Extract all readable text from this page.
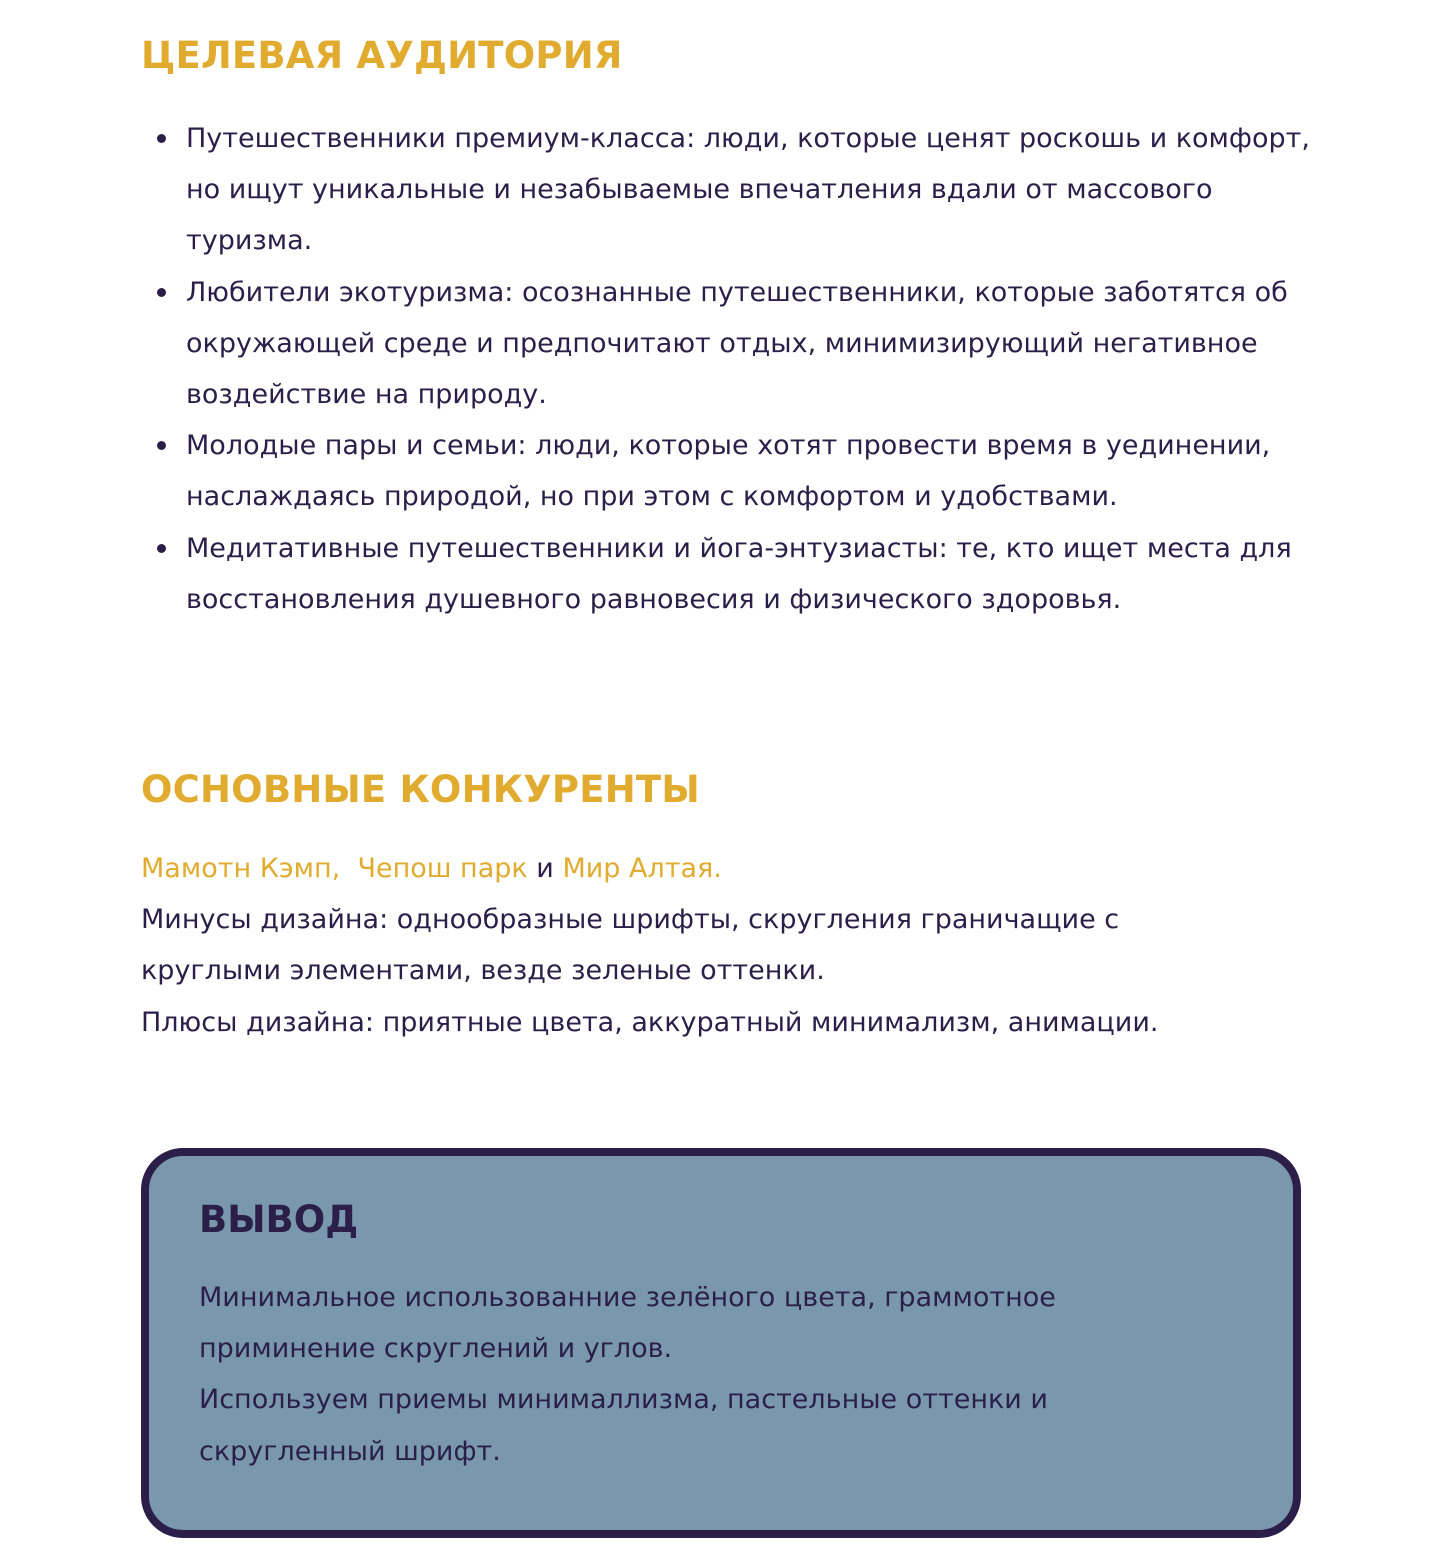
ЦЕЛЕВАЯ АУДИТОРИЯ
Путешественники премиум-класса: люди, которые ценят роскошь и комфорт, но ищут уникальные и незабываемые впечатления вдали от массового туризма.
Любители экотуризма: осознанные путешественники, которые заботятся об окружающей среде и предпочитают отдых, минимизирующий негативное воздействие на природу.
Молодые пары и семьи: люди, которые хотят провести время в уединении, наслаждаясь природой, но при этом с комфортом и удобствами.
Медитативные путешественники и йога-энтузиасты: те, кто ищет места для восстановления душевного равновесия и физического здоровья.
ОСНОВНЫЕ КОНКУРЕНТЫ

Мамотн Кэмп, Чепош парк и Мир Алтая.

Минусы дизайна: однообразные шрифты, скругления граничащие с круглыми элементами, везде зеленые оттенки.

Плюсы дизайна: приятные цвета, аккуратный минимализм, анимации.

ВЫВОД

Минимальное использованние зелёного цвета, граммотное приминение скруглений и углов.

Используем приемы минималлизма, пастельные оттенки и скругленный шрифт.
